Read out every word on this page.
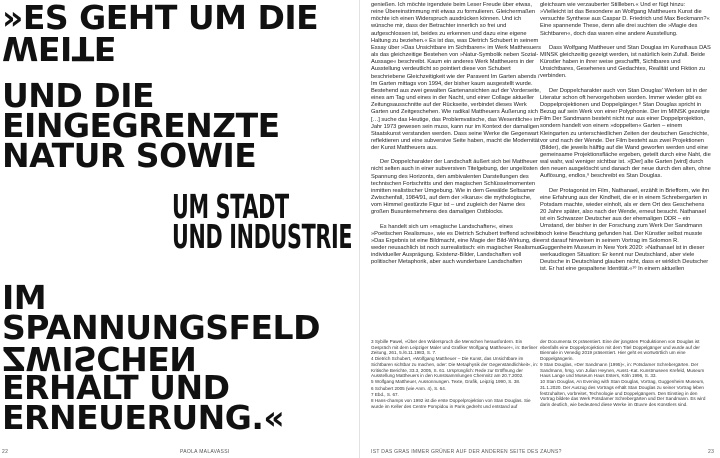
»ES GEHT UM DIE
WEITE
UND DIE
EINGEGRENZTE
NATUR SOWIE
UM STADT
UND INDUSTRIE
IM
SPANNUNGSFELD
ZWISCHEN
ERHALT UND
ERNEUERUNG.«

genießen. Ich möchte irgendwie beim Leser Freude über etwas, reine Übereinstimmung mit etwas zu formulieren. Gleichermaßen möchte ich einen Widerspruch ausdrücken können. Und ich wünsche mir, dass der Betrachter innerlich so frei und aufgeschlossen ist, beides zu erkennen und dazu eine eigene Haltung zu beziehen.« Es ist das, was Dietrich Schubert in seinem Essay über »Das Unsichtbare im Sichtbaren« im Werk Matthesuers als das gleichzeitige Bestehen von »Natur-Symbolik neben Sozial-Aussage« beschreibt. Kaum ein anderes Werk Mattheuers in der Ausstellung verdeutlicht so pointiert diese von Schubert beschriebene Gleichzeitigkeit wie der Paravent Im Garten abends / Im Garten mittags von 1994, der bisher kaum ausgestellt wurde. Bestehend aus zwei gewalten Gartenansichten auf der Vorderseite, eines am Tag und eines in der Nacht, und einer Collage aktueller Zeitungsausschnitte auf der Rückseite, verbindet dieses Werk Garten und Zeitgeschehen. Wie radikal Mattheuers Äußerung sich […] suche das Heutige, das Problemvatische, das Wesentliche« im Jahr 1973 gewesen sein muss, kann nur im Kontext der damaligen Staatskunst verstanden werden. Dass seine Werke die Gegenwart reflektieren und eine subversive Seite haben, macht die Modernität der Kunst Mattheuers aus.

Der Doppelcharakter der Landschaft äußert sich bei Mattheuer nicht selten auch in einer subversiven Titelgebung, der ungelösten Spannung des Horizonts, den ambivalenten Darstellungen des technischen Fortschritts und den magischen Schlüsselmomenten inmitten realistischer Umgebung. Wie in dem Gewälde Seltsamer Zwischenfall, 1984/91, auf dem der »Ikarus« die mythologische, vom Himmel gestürzte Figur ist – und zugleich der Name des großen Busunternehmens des damaligen Ostblocks.

Es handelt sich um »magische Landschaften«, eines »Poetischen Realismus«, wie es Dietrich Schubert treffend schreibt: »Das Ergebnis ist eine Bildmacht, eine Magie der Bild-Wirkung, die weder neusachlich ist noch surrealistisch: ein magischer Realismus individueller Ausprägung. Existenz-Bilder, Landschaften voll politischer Metaphorik, aber auch wunderbare Landschaften

gleichsam wie verzauberter Stillleben.« Und er fügt hinzu: »Vielleicht ist das Besondere an Wolfgang Mattheuers Kunst die versuchte Synthese aus Caspar D. Friedrich und Max Beckmann?« Eine spannende These, denn alle drei suchten die »Magie des Sichtbaren«, doch das waren eine andere Ausstellung.

Dass Wolfgang Mattheuer und Stan Douglas im Kunsthaus DAS MINSK gleichzeitig gezeigt werden, ist natürlich kein Zufall. Beide Künstler haben in ihrer weise geschaffft, Sichtbares und Unsichtbares, Gesehenes und Gedachtes, Realität und Fiktion zu verbinden.

Der Doppelcharakter auch von Stan Douglas' Werken ist in der Literatur schon oft hervorgehoben worden. Immer wieder gibt es Doppelprojektionen und Doppelgänger.⁸ Stan Douglas spricht in Bezug auf sein Werk von einer Polyphonie. Der im MINSK gezeigte Film Der Sandmann besteht nicht nur aus einer Doppelprojektion, sondern handelt von einem »doppelten« Garten – einem Kleingarten zu unterschiedlichen Zeiten der deutschen Geschichte, vor und nach der Wende. Der Film besteht aus zwei Projektionen (Bilder), die jeweils hälftig auf die Wand geworfen werden und eine gemeinsame Projektionsfläche ergeben, geteilt durch eine Naht, die wal wahr, wal weniger sichtbar ist. »[Der] alte Garten [wird] durch den neuen ausgelöscht und danach der neue durch den alten, ohne Auflösung, endlos,⁹ beschreibt es Stan Douglas.

Der Protagonist im Film, Nathanael, erzählt in Briefform, wie ihn eine Erfahrung aus der Kindheit, die er in einem Schrebergarten in Potsdam machte, wieder einholt, als er dem Ort des Geschehens 20 Jahre später, also nach der Wende, erneut besucht. Nathanael ist ein Schwarzer Deutscher aus der ehemaligen DDR – ein Umstand, der bisher in der Forschung zum Werk Der Sandmann noch keine Beachtung gefunden hat. Der Künstler selbst musste erst darauf hinweisen in seinem Vortrag im Solomon R. Guggenheim Museum in New York 2020: »Nathanael ist in dieser werkaudiogen Situation: Er kennt nur Deutschland, aber viele Deutsche in Deutschland glauben nicht, dass er wirklich Deutscher ist. Er hat eine gespaltene Identität.«¹⁰ In einem aktuellen

3 Sybille Pawel, »Über den Widerspruch die Menschen herausfordern. Ein Gespräch mit dem Leipziger Maler und Grafiker Wolfgang Mattheuer«, in: Berliner Zeitung, 261, 5./6.11.1983, S. 7.
4 Dietrich Schubert, »Wolfgang Mattheuer – Die Kunst, das Unsichtbare im Sichtbaren sichtbar zu machen, oder: Die Metaphysik der Gegenständlichkeit«, in: Kritische Berichte, 33.3, 2005, S. 61. Ursprünglich: Rede zur Eröffnung der Ausstellung Mattheuers in den Kunstsammlungen Chemnitz am 20.7.2002.
5 Wolfgang Mattheuer, Aussonnungen. Texte, Grafik, Leipzig 1990, S. 38.
6 Schubert 2005 (wie Anm. 4), S. 64.
7 Ebd., S. 67.
8 Hans-champs von 1992 ist die erste Doppelprojektion von Stan Douglas. Sie wurde im Keller des Centre Pompidou in Paris gedreht und entstand auf
der Documenta IX präsentiert. Eine der jüngsten Produktionen von Douglas ist ebenfalls eine Doppelprojektion mit dem Titel Doppelgänger und wurde auf der Biennale in Venedig 2019 präsentiert. Hier geht es wortwörtlich um eine Doppelgängerin.
9 Stan Douglas, »Der Sandmann (1995)«, in: Potsdamer Schrebergärten. Der Sandmann, hrsg. von Julian Heynen, Ausst.-Kat. Kunstmuseen Krefeld, Museum Haus Lange und Museum Haus Esters, Köln 1996, S. 33.
10 Stan Douglas, An Evening with Stan Douglas, Vortrag, Guggenheim Museum, 31.1.2020. Der Auszug des Vortrags erhält Stan Douglas zu seiner Vortrag leben festzuhalten, vorbreitet, Technologie und Doppelgängern. Den Einstieg in den Vortrag bildete das Werk Potsdamer Schrebergärten und Der Sandmann. Es wird darin deutlich, wie bedeutend diese Werke im Œuvre des Künstlers sind.
22	PAOLA MALAVASSI	IST DAS GRAS IMMER GRÜNER AUF DER ANDEREN SEITE DES ZAUNS?	23
